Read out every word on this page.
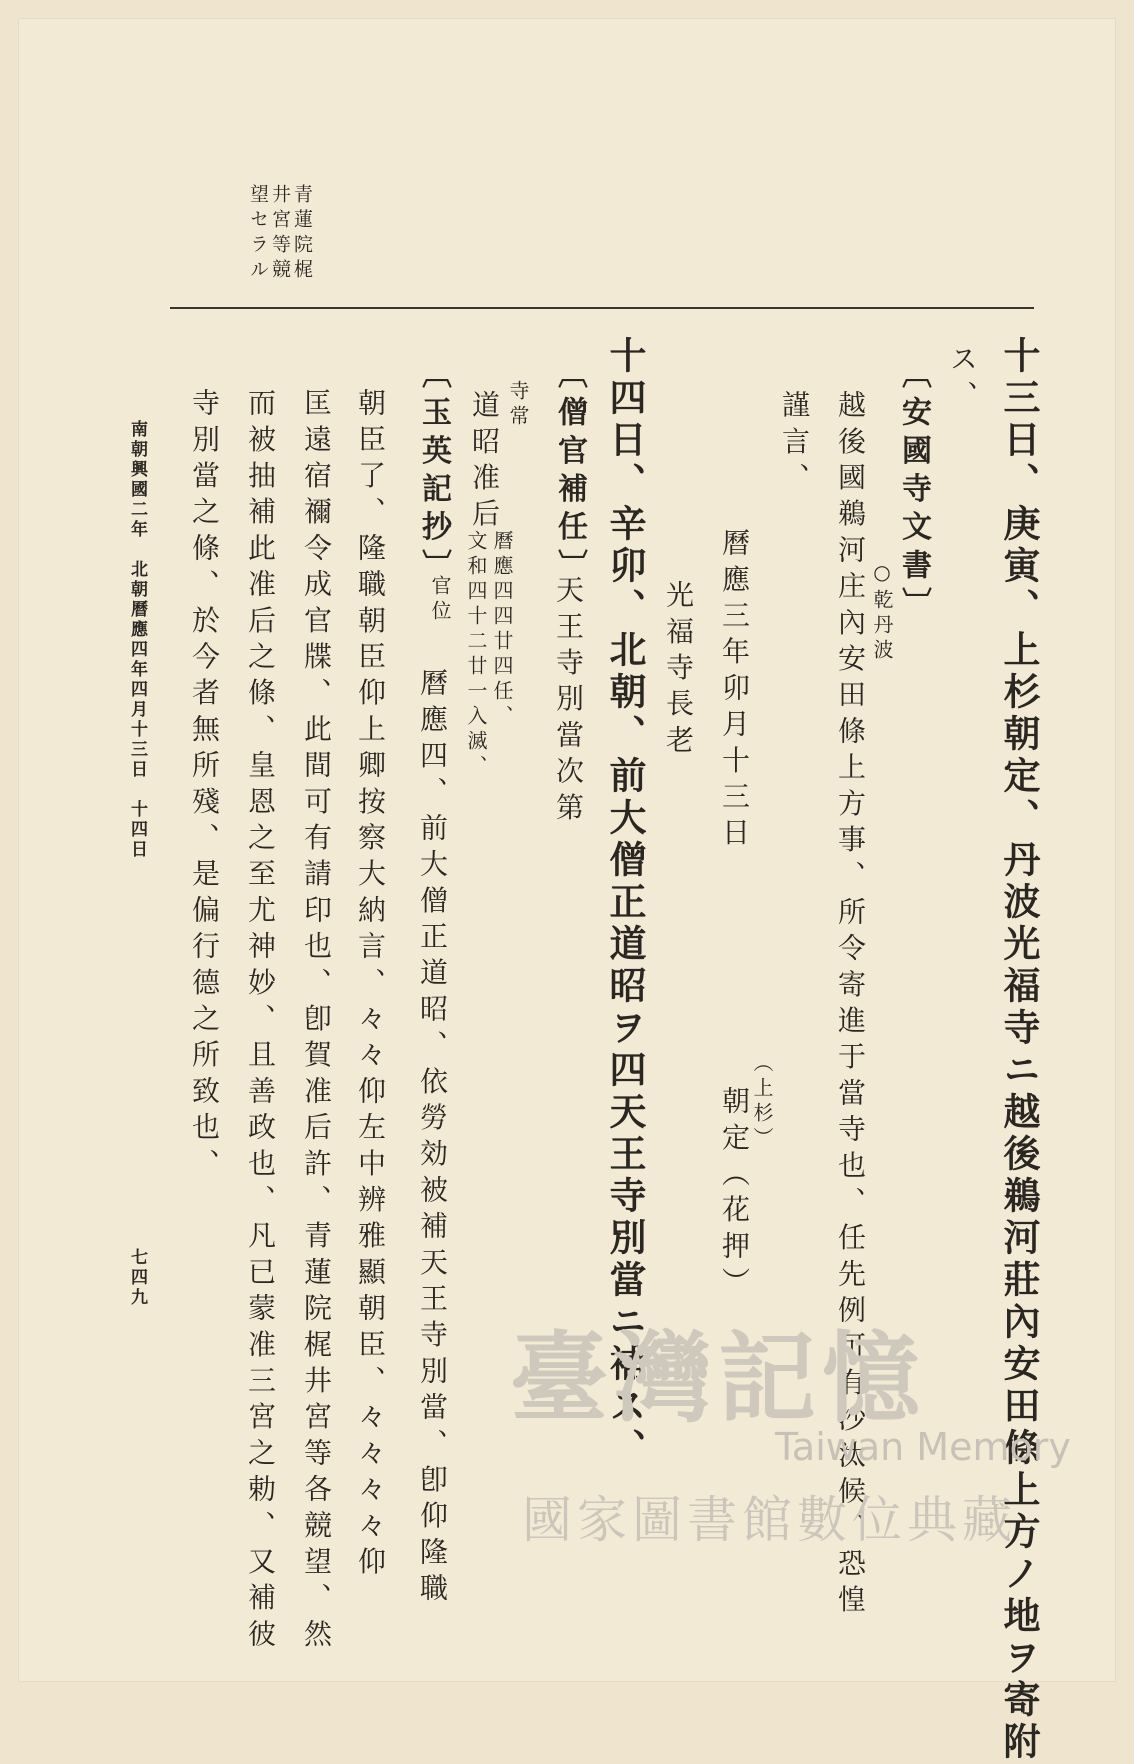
青蓮院梶
井宮等競
望セラル
十三日、庚寅、上杉朝定、丹波光福寺ニ越後鵜河莊內安田條上方ノ地ヲ寄附
ス、
〔安國寺文書〕
○乾丹波
越後國鵜河庄內安田條上方事、所令寄進于當寺也、任先例可有沙汰候、恐惶
謹言、
曆應三年卯月十三日
（上杉）
朝定（花押）
光福寺長老
十四日、辛卯、北朝、前大僧正道昭ヲ四天王寺別當ニ補ス、
〔僧官補任〕
天王寺別當次第
寺常
道昭准后
曆應四四廿四任、
文和四十二廿一入滅、
〔玉英記抄〕
官位
曆應四、前大僧正道昭、依勞効被補天王寺別當、卽仰隆職
朝臣了、隆職朝臣仰上卿按察大納言、々々仰左中辨雅顯朝臣、々々々々仰
匡遠宿禰令成官牒、此間可有請印也、卽賀准后許、青蓮院梶井宮等各競望、然
而被抽補此准后之條、皇恩之至尤神妙、且善政也、凡已蒙准三宮之勅、又補彼
寺別當之條、於今者無所殘、是偏行德之所致也、
南朝興國二年　北朝曆應四年四月十三日　十四日
七四九
臺灣記憶
Taiwan Memory
國家圖書館數位典藏
